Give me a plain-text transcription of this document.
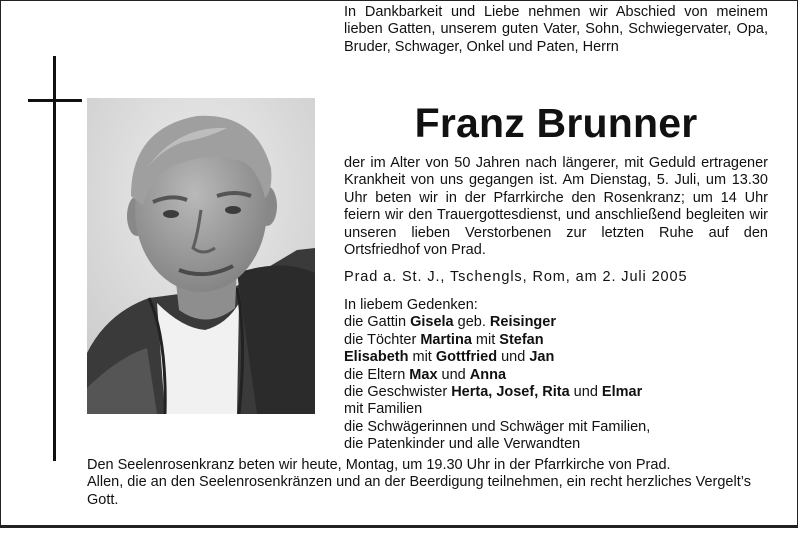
In Dankbarkeit und Liebe nehmen wir Abschied von meinem lieben Gatten, unserem guten Vater, Sohn, Schwiegervater, Opa, Bruder, Schwager, Onkel und Paten, Herrn
Franz Brunner
der im Alter von 50 Jahren nach längerer, mit Geduld ertragener Krankheit von uns gegangen ist. Am Dienstag, 5. Juli, um 13.30 Uhr beten wir in der Pfarrkirche den Rosenkranz; um 14 Uhr feiern wir den Trauergottesdienst, und anschließend begleiten wir unseren lieben Verstorbenen zur letzten Ruhe auf den Ortsfriedhof von Prad.
Prad a. St. J., Tschengls, Rom, am 2. Juli 2005
In liebem Gedenken:
die Gattin Gisela geb. Reisinger
die Töchter Martina mit Stefan
Elisabeth mit Gottfried und Jan
die Eltern Max und Anna
die Geschwister Herta, Josef, Rita und Elmar
mit Familien
die Schwägerinnen und Schwäger mit Familien,
die Patenkinder und alle Verwandten
Den Seelenrosenkranz beten wir heute, Montag, um 19.30 Uhr in der Pfarrkirche von Prad.
Allen, die an den Seelenrosenkränzen und an der Beerdigung teilnehmen, ein recht herzliches Vergelt’s Gott.
